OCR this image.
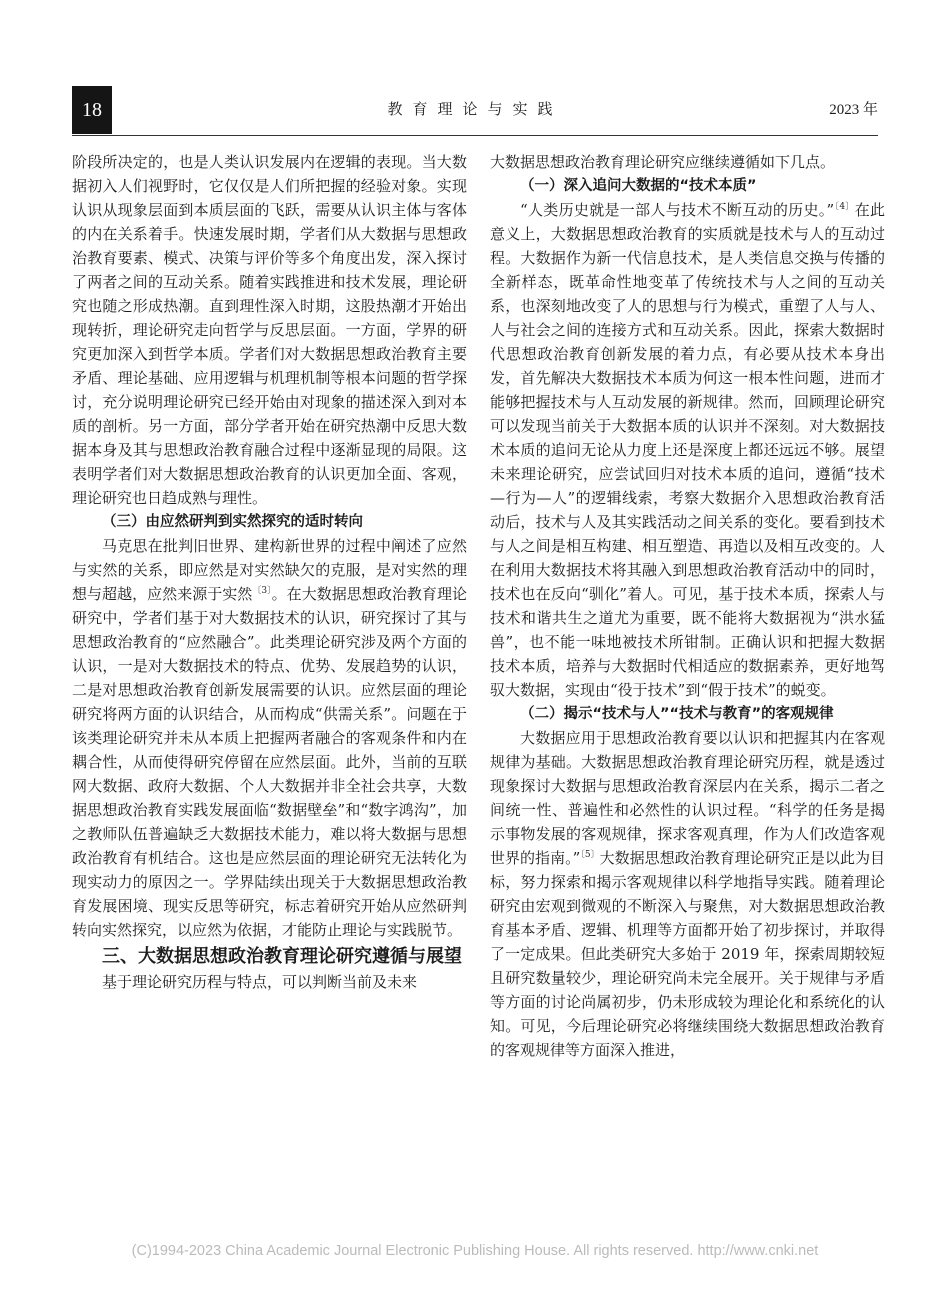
18	教育理论与实践	2023 年

阶段所决定的，也是人类认识发展内在逻辑的表现。当大数据初入人们视野时，它仅仅是人们所把握的经验对象。实现认识从现象层面到本质层面的飞跃，需要从认识主体与客体的内在关系着手。快速发展时期，学者们从大数据与思想政治教育要素、模式、决策与评价等多个角度出发，深入探讨了两者之间的互动关系。随着实践推进和技术发展，理论研究也随之形成热潮。直到理性深入时期，这股热潮才开始出现转折，理论研究走向哲学与反思层面。一方面，学界的研究更加深入到哲学本质。学者们对大数据思想政治教育主要矛盾、理论基础、应用逻辑与机理机制等根本问题的哲学探讨，充分说明理论研究已经开始由对现象的描述深入到对本质的剖析。另一方面，部分学者开始在研究热潮中反思大数据本身及其与思想政治教育融合过程中逐渐显现的局限。这表明学者们对大数据思想政治教育的认识更加全面、客观，理论研究也日趋成熟与理性。

（三）由应然研判到实然探究的适时转向

马克思在批判旧世界、建构新世界的过程中阐述了应然与实然的关系，即应然是对实然缺欠的克服，是对实然的理想与超越，应然来源于实然$^{〔3〕}$。在大数据思想政治教育理论研究中，学者们基于对大数据技术的认识，研究探讨了其与思想政治教育的“应然融合”。此类理论研究涉及两个方面的认识，一是对大数据技术的特点、优势、发展趋势的认识，二是对思想政治教育创新发展需要的认识。应然层面的理论研究将两方面的认识结合，从而构成“供需关系”。问题在于该类理论研究并未从本质上把握两者融合的客观条件和内在耦合性，从而使得研究停留在应然层面。此外，当前的互联网大数据、政府大数据、个人大数据并非全社会共享，大数据思想政治教育实践发展面临“数据壁垒”和“数字鸿沟”，加之教师队伍普遍缺乏大数据技术能力，难以将大数据与思想政治教育有机结合。这也是应然层面的理论研究无法转化为现实动力的原因之一。学界陆续出现关于大数据思想政治教育发展困境、现实反思等研究，标志着研究开始从应然研判转向实然探究，以应然为依据，才能防止理论与实践脱节。

三、大数据思想政治教育理论研究遵循与展望

基于理论研究历程与特点，可以判断当前及未来

大数据思想政治教育理论研究应继续遵循如下几点。

（一）深入追问大数据的“技术本质”

“人类历史就是一部人与技术不断互动的历史。”$^{〔4〕}$在此意义上，大数据思想政治教育的实质就是技术与人的互动过程。大数据作为新一代信息技术，是人类信息交换与传播的全新样态，既革命性地变革了传统技术与人之间的互动关系，也深刻地改变了人的思想与行为模式，重塑了人与人、人与社会之间的连接方式和互动关系。因此，探索大数据时代思想政治教育创新发展的着力点，有必要从技术本身出发，首先解决大数据技术本质为何这一根本性问题，进而才能够把握技术与人互动发展的新规律。然而，回顾理论研究可以发现当前关于大数据本质的认识并不深刻。对大数据技术本质的追问无论从力度上还是深度上都还远远不够。展望未来理论研究，应尝试回归对技术本质的追问，遵循“技术—行为—人”的逻辑线索，考察大数据介入思想政治教育活动后，技术与人及其实践活动之间关系的变化。要看到技术与人之间是相互构建、相互塑造、再造以及相互改变的。人在利用大数据技术将其融入到思想政治教育活动中的同时，技术也在反向“驯化”着人。可见，基于技术本质，探索人与技术和谐共生之道尤为重要，既不能将大数据视为“洪水猛兽”，也不能一味地被技术所钳制。正确认识和把握大数据技术本质，培养与大数据时代相适应的数据素养，更好地驾驭大数据，实现由“役于技术”到“假于技术”的蜕变。

（二）揭示“技术与人”“技术与教育”的客观规律

大数据应用于思想政治教育要以认识和把握其内在客观规律为基础。大数据思想政治教育理论研究历程，就是透过现象探讨大数据与思想政治教育深层内在关系，揭示二者之间统一性、普遍性和必然性的认识过程。“科学的任务是揭示事物发展的客观规律，探求客观真理，作为人们改造客观世界的指南。”$^{〔5〕}$大数据思想政治教育理论研究正是以此为目标，努力探索和揭示客观规律以科学地指导实践。随着理论研究由宏观到微观的不断深入与聚焦，对大数据思想政治教育基本矛盾、逻辑、机理等方面都开始了初步探讨，并取得了一定成果。但此类研究大多始于 2019 年，探索周期较短且研究数量较少，理论研究尚未完全展开。关于规律与矛盾等方面的讨论尚属初步，仍未形成较为理论化和系统化的认知。可见，今后理论研究必将继续围绕大数据思想政治教育的客观规律等方面深入推进，

(C)1994-2023 China Academic Journal Electronic Publishing House. All rights reserved. http://www.cnki.net
